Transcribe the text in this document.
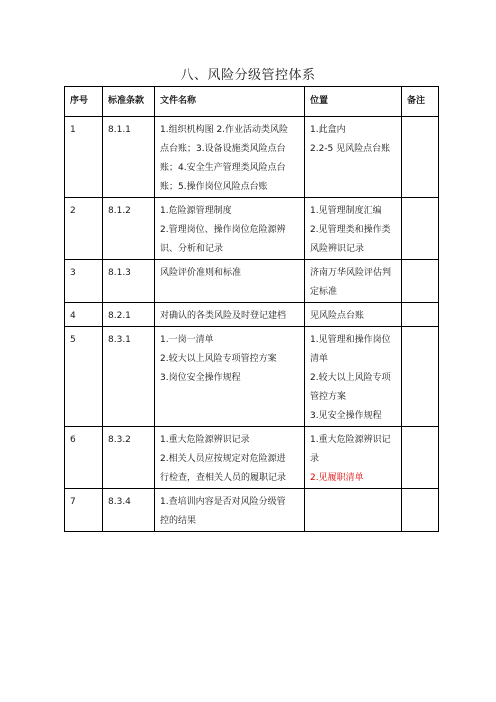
八、风险分级管控体系
序号	标准条款	文件名称	位置	备注
1	8.1.1	1.组织机构图 2.作业活动类风险
点台账；3.设备设施类风险点台
账；4.安全生产管理类风险点台
账；5.操作岗位风险点台账	1.此盒内
2.2-5 见风险点台账	

2	8.1.2	1.危险源管理制度
2.管理岗位、操作岗位危险源辨
识、分析和记录	1.见管理制度汇编
2.见管理类和操作类
风险辨识记录	

3	8.1.3	风险评价准则和标准	济南万华风险评估判
定标准	

4	8.2.1	对确认的各类风险及时登记建档	见风险点台账	

5	8.3.1	1.一岗一清单
2.较大以上风险专项管控方案
3.岗位安全操作规程	1.见管理和操作岗位
清单
2.较大以上风险专项
管控方案
3.见安全操作规程	

6	8.3.2	1.重大危险源辨识记录
2.相关人员应按规定对危险源进
行检查，查相关人员的履职记录	1.重大危险源辨识记
录
2.见履职清单	

7	8.3.4	1.查培训内容是否对风险分级管
控的结果		
